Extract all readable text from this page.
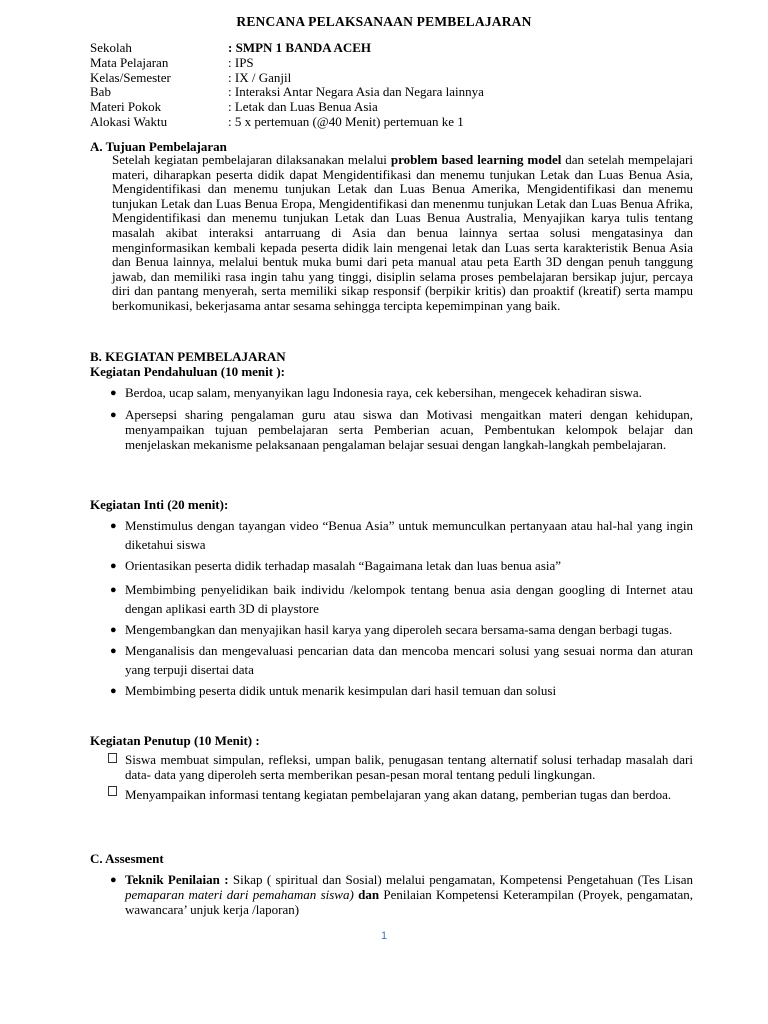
RENCANA PELAKSANAAN PEMBELAJARAN
Sekolah	: SMPN 1 BANDA ACEH
Mata Pelajaran	: IPS
Kelas/Semester	: IX / Ganjil
Bab	: Interaksi Antar Negara Asia dan Negara lainnya
Materi Pokok	: Letak dan Luas Benua Asia
Alokasi Waktu	: 5 x pertemuan (@40 Menit) pertemuan ke 1
A. Tujuan Pembelajaran
Setelah kegiatan pembelajaran dilaksanakan melalui problem based learning model dan setelah mempelajari materi, diharapkan peserta didik dapat Mengidentifikasi dan menemu tunjukan Letak dan Luas Benua Asia, Mengidentifikasi dan menemu tunjukan Letak dan Luas Benua Amerika, Mengidentifikasi dan menemu tunjukan Letak dan Luas Benua Eropa, Mengidentifikasi dan menenmu tunjukan Letak dan Luas Benua Afrika, Mengidentifikasi dan menemu tunjukan Letak dan Luas Benua Australia, Menyajikan karya tulis tentang masalah akibat interaksi antarruang di Asia dan benua lainnya sertaa solusi mengatasinya dan menginformasikan kembali kepada peserta didik lain mengenai letak dan Luas serta karakteristik Benua Asia dan Benua lainnya, melalui bentuk muka bumi dari peta manual atau peta Earth 3D dengan penuh tanggung jawab, dan memiliki rasa ingin tahu yang tinggi, disiplin selama proses pembelajaran bersikap jujur, percaya diri dan pantang menyerah, serta memiliki sikap responsif (berpikir kritis) dan proaktif (kreatif) serta mampu berkomunikasi, bekerjasama antar sesama sehingga tercipta kepemimpinan yang baik.
B. KEGIATAN PEMBELAJARAN
Kegiatan Pendahuluan (10 menit ):
● Berdoa, ucap salam, menyanyikan lagu Indonesia raya, cek kebersihan, mengecek kehadiran siswa.
● Apersepsi sharing pengalaman guru atau siswa dan Motivasi mengaitkan materi dengan kehidupan, menyampaikan tujuan pembelajaran serta Pemberian acuan, Pembentukan kelompok belajar dan menjelaskan mekanisme pelaksanaan pengalaman belajar sesuai dengan langkah-langkah pembelajaran.
Kegiatan Inti (20 menit):
● Menstimulus dengan tayangan video “Benua Asia” untuk memunculkan pertanyaan atau hal-hal yang ingin diketahui siswa
● Orientasikan peserta didik terhadap masalah “Bagaimana letak dan luas benua asia”
● Membimbing penyelidikan baik individu /kelompok tentang benua asia dengan googling di Internet atau dengan aplikasi earth 3D di playstore
● Mengembangkan dan menyajikan hasil karya yang diperoleh secara bersama-sama dengan berbagi tugas.
● Menganalisis dan mengevaluasi pencarian data dan mencoba mencari solusi yang sesuai norma dan aturan yang terpuji disertai data
● Membimbing peserta didik untuk menarik kesimpulan dari hasil temuan dan solusi
Kegiatan Penutup (10 Menit) :
Siswa membuat simpulan, refleksi, umpan balik, penugasan tentang alternatif solusi terhadap masalah dari data- data yang diperoleh serta memberikan pesan-pesan moral tentang peduli lingkungan.
Menyampaikan informasi tentang kegiatan pembelajaran yang akan datang, pemberian tugas dan berdoa.
C. Assesment
● Teknik Penilaian : Sikap ( spiritual dan Sosial) melalui pengamatan, Kompetensi Pengetahuan (Tes Lisan pemaparan materi dari pemahaman siswa) dan Penilaian Kompetensi Keterampilan (Proyek, pengamatan, wawancara’ unjuk kerja /laporan)
1
